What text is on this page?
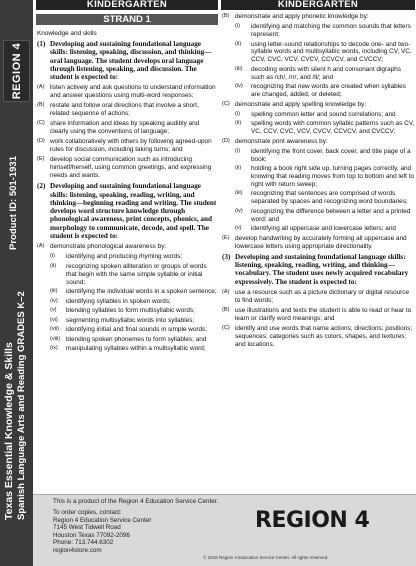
REGION 4
Product ID: 501-1931
Texas Essential Knowledge & Skills Spanish Language Arts and Reading GRADES K–2
KINDERGARTEN	KINDERGARTEN
STRAND 1
Knowledge and skills
(1) Developing and sustaining foundational language skills: listening, speaking, discussion, and thinking—oral language. The student develops oral language through listening, speaking, and discussion. The student is expected to:
(A) listen actively and ask questions to understand information and answer questions using multi-word responses;
(B) restate and follow oral directions that involve a short, related sequence of actions;
(C) share information and ideas by speaking audibly and clearly using the conventions of language;
(D) work collaboratively with others by following agreed-upon rules for discussion, including taking turns; and
(E) develop social communication such as introducing himself/herself, using common greetings, and expressing needs and wants.
(2) Developing and sustaining foundational language skills: listening, speaking, reading, writing, and thinking—beginning reading and writing. The student develops word structure knowledge through phonological awareness, print concepts, phonics, and morphology to communicate, decode, and spell. The student is expected to:
(A) demonstrate phonological awareness by:
(i)	identifying and producing rhyming words;
(ii)	recognizing spoken alliteration or groups of words that begin with the same simple syllable or initial sound;
(iii)	identifying the individual words in a spoken sentence;
(iv)	identifying syllables in spoken words;
(v)	blending syllables to form multisyllabic words;
(vi)	segmenting multisyllabic words into syllables;
(vii)	identifying initial and final sounds in simple words;
(viii) blending spoken phonemes to form syllables; and
(ix)	manipulating syllables within a multisyllabic word;
(B) demonstrate and apply phonetic knowledge by:
(i)	identifying and matching the common sounds that letters represent;
(ii)	using letter-sound relationships to decode one- and two-syllable words and multisyllabic words, including CV, VC, CCV, CVC, VCV, CVCV, CCVCV, and CVCCV;
(iii)	decoding words with silent h and consonant digraphs such as /ch/, /rr/, and /ll/; and
(iv)	recognizing that new words are created when syllables are changed, added, or deleted;
(C) demonstrate and apply spelling knowledge by:
(i)	spelling common letter and sound correlations; and
(ii)	spelling words with common syllabic patterns such as CV, VC, CCV, CVC, VCV, CVCV, CCVCV, and CVCCV;
(D) demonstrate print awareness by:
(i)	identifying the front cover, back cover, and title page of a book;
(ii)	holding a book right side up, turning pages correctly, and knowing that reading moves from top to bottom and left to right with return sweep;
(iii)	recognizing that sentences are comprised of words separated by spaces and recognizing word boundaries;
(iv)	recognizing the difference between a letter and a printed word; and
(v)	identifying all uppercase and lowercase letters; and
(E) develop handwriting by accurately forming all uppercase and lowercase letters using appropriate directionality.
(3) Developing and sustaining foundational language skills: listening, speaking, reading, writing, and thinking—vocabulary. The student uses newly acquired vocabulary expressively. The student is expected to:
(A) use a resource such as a picture dictionary or digital resource to find words;
(B) use illustrations and texts the student is able to read or hear to learn or clarify word meanings; and
(C) identify and use words that name actions; directions; positions; sequences; categories such as colors, shapes, and textures; and locations.
This is a product of the Region 4 Education Service Center.
To order copies, contact:
Region 4 Education Service Center
7145 West Tidwell Road
Houston Texas 77092-2096
Phone: 713.744.6302
region4store.com
REGION 4
© 2018 Region 4 Education Service Center. All rights reserved.
